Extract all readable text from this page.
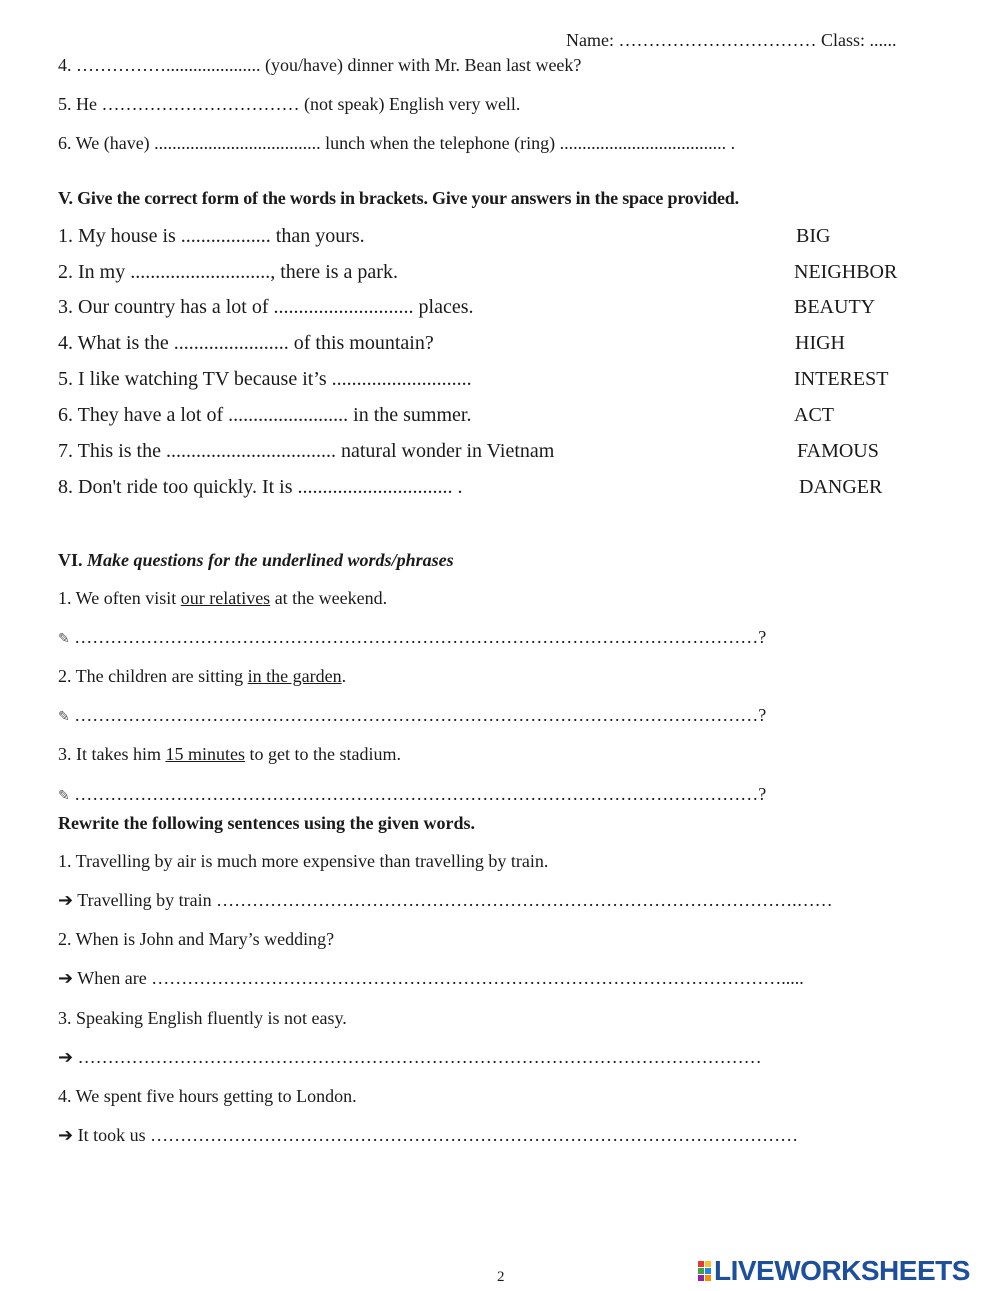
Name: …………………………… Class: ......
4. ……………..................... (you/have) dinner with Mr. Bean last week?
5. He …………………………… (not speak) English very well.
6. We (have) ..................................... lunch when the telephone (ring) ..................................... .
V. Give the correct form of the words in brackets. Give your answers in the space provided.
1. My house is .................. than yours.	BIG
2. In my ............................, there is a park.	NEIGHBOR
3. Our country has a lot of ............................ places.	BEAUTY
4. What is the ....................... of this mountain?	HIGH
5. I like watching TV because it’s ............................	INTEREST
6. They have a lot of ........................ in the summer.	ACT
7. This is the .................................. natural wonder in Vietnam	FAMOUS
8. Don't ride too quickly. It is ............................... .	DANGER
VI. Make questions for the underlined words/phrases
1. We often visit our relatives at the weekend.
✎ ……………………………………………………………………………………………………?
2. The children are sitting in the garden.
✎ ……………………………………………………………………………………………………?
3. It takes him 15 minutes to get to the stadium.
✎ ……………………………………………………………………………………………………?
Rewrite the following sentences using the given words.
1. Travelling by air is much more expensive than travelling by train.
➔ Travelling by train …………………………………………………………………………………….……
2. When is John and Mary’s wedding?
➔ When are …………………………………………………………………………………………….....
3. Speaking English fluently is not easy.
➔ ……………………………………………………………………………………………………
4. We spent five hours getting to London.
➔ It took us ………………………………………………………………………………………………
2	LIVEWORKSHEETS
